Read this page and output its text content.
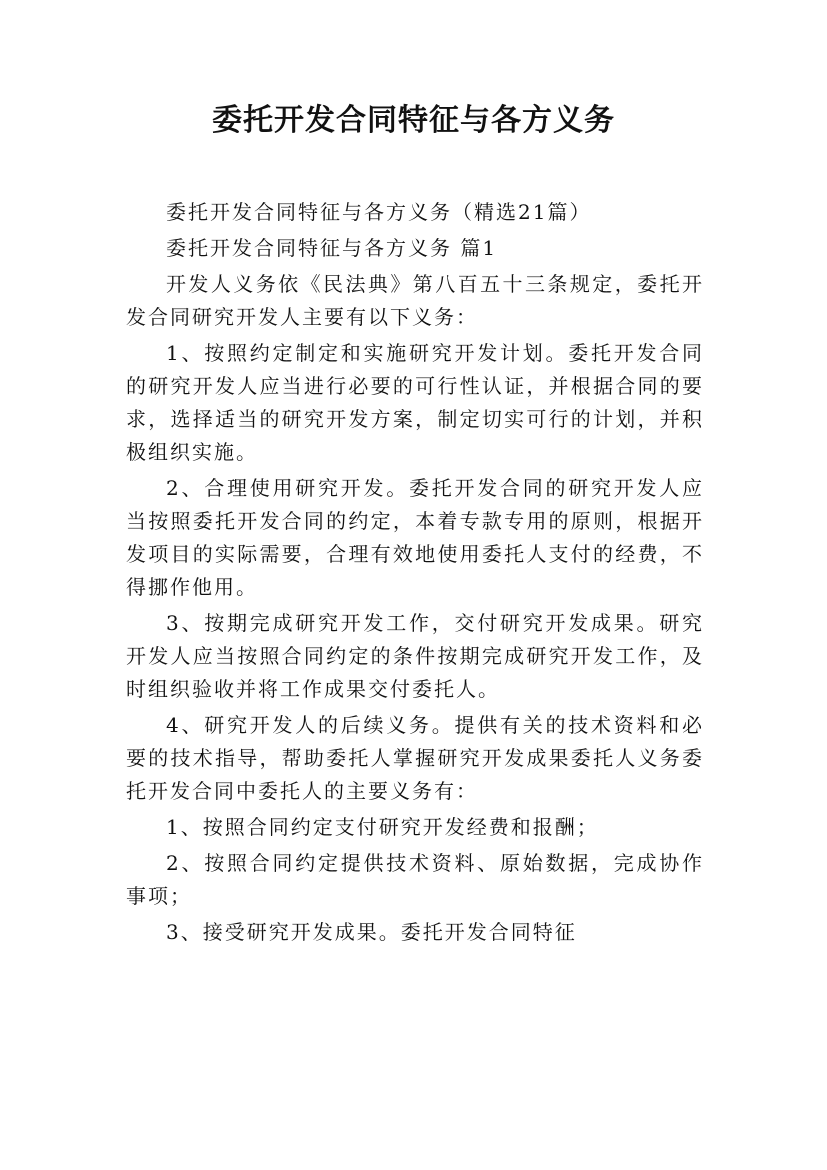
委托开发合同特征与各方义务

委托开发合同特征与各方义务（精选21篇）

委托开发合同特征与各方义务 篇1

开发人义务依《民法典》第八百五十三条规定，委托开发合同研究开发人主要有以下义务：

1、按照约定制定和实施研究开发计划。委托开发合同的研究开发人应当进行必要的可行性认证，并根据合同的要求，选择适当的研究开发方案，制定切实可行的计划，并积极组织实施。

2、合理使用研究开发。委托开发合同的研究开发人应当按照委托开发合同的约定，本着专款专用的原则，根据开发项目的实际需要，合理有效地使用委托人支付的经费，不得挪作他用。

3、按期完成研究开发工作，交付研究开发成果。研究开发人应当按照合同约定的条件按期完成研究开发工作，及时组织验收并将工作成果交付委托人。

4、研究开发人的后续义务。提供有关的技术资料和必要的技术指导，帮助委托人掌握研究开发成果委托人义务委托开发合同中委托人的主要义务有：

1、按照合同约定支付研究开发经费和报酬；

2、按照合同约定提供技术资料、原始数据，完成协作事项；

3、接受研究开发成果。委托开发合同特征
